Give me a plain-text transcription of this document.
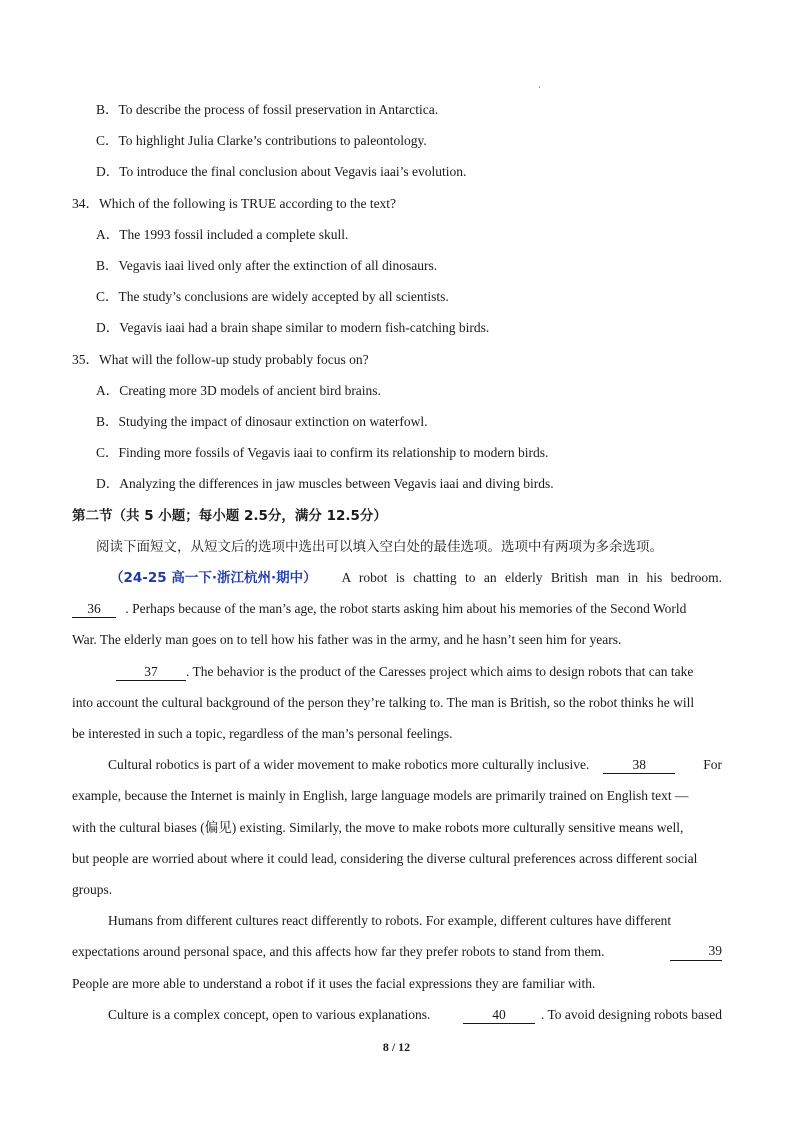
B．To describe the process of fossil preservation in Antarctica.
C．To highlight Julia Clarke’s contributions to paleontology.
D．To introduce the final conclusion about Vegavis iaai’s evolution.
34．Which of the following is TRUE according to the text?
A．The 1993 fossil included a complete skull.
B．Vegavis iaai lived only after the extinction of all dinosaurs.
C．The study’s conclusions are widely accepted by all scientists.
D．Vegavis iaai had a brain shape similar to modern fish-catching birds.
35．What will the follow-up study probably focus on?
A．Creating more 3D models of ancient bird brains.
B．Studying the impact of dinosaur extinction on waterfowl.
C．Finding more fossils of Vegavis iaai to confirm its relationship to modern birds.
D．Analyzing the differences in jaw muscles between Vegavis iaai and diving birds.
第二节（共 5 小题；每小题 2.5分，满分 12.5分）
阅读下面短文，从短文后的选项中选出可以填入空白处的最佳选项。选项中有两项为多余选项。
（24-25 高一下·浙江杭州·期中） A robot is chatting to an elderly British man in his bedroom.
36 . Perhaps because of the man’s age, the robot starts asking him about his memories of the Second World
War. The elderly man goes on to tell how his father was in the army, and he hasn’t seen him for years.
37 . The behavior is the product of the Caresses project which aims to design robots that can take
into account the cultural background of the person they’re talking to. The man is British, so the robot thinks he will
be interested in such a topic, regardless of the man’s personal feelings.
Cultural robotics is part of a wider movement to make robotics more culturally inclusive.	38	For
example, because the Internet is mainly in English, large language models are primarily trained on English text —
with the cultural biases (偏见) existing. Similarly, the move to make robots more culturally sensitive means well,
but people are worried about where it could lead, considering the diverse cultural preferences across different social
groups.
Humans from different cultures react differently to robots. For example, different cultures have different
expectations around personal space, and this affects how far they prefer robots to stand from them.	39
People are more able to understand a robot if it uses the facial expressions they are familiar with.
Culture is a complex concept, open to various explanations.	40	. To avoid designing robots based
8 / 12
